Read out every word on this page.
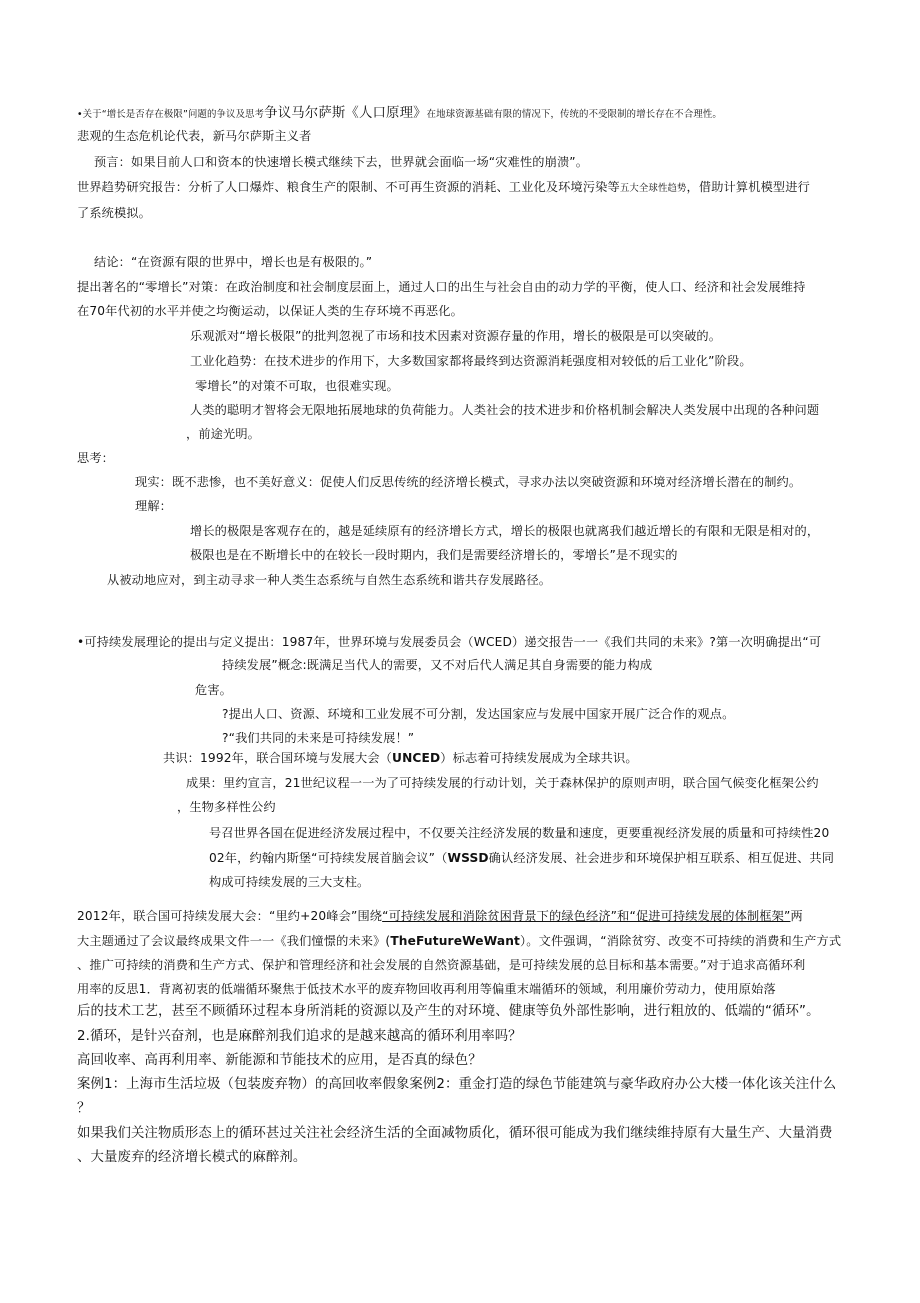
•关于“增长是否存在极限”问题的争议及思考争议马尔萨斯《人口原理》在地球资源基础有限的情况下，传统的不受限制的增长存在不合理性。
悲观的生态危机论代表，新马尔萨斯主义者
预言：如果目前人口和资本的快速增长模式继续下去，世界就会面临一场“灾难性的崩溃”。
世界趋势研究报告：分析了人口爆炸、粮食生产的限制、不可再生资源的消耗、工业化及环境污染等五大全球性趋势，借助计算机模型进行
了系统模拟。
结论：“在资源有限的世界中，增长也是有极限的。”
提出著名的“零增长”对策：在政治制度和社会制度层面上，通过人口的出生与社会自由的动力学的平衡，使人口、经济和社会发展维持
在70年代初的水平并使之均衡运动，以保证人类的生存环境不再恶化。
乐观派对“增长极限”的批判忽视了市场和技术因素对资源存量的作用，增长的极限是可以突破的。
工业化趋势：在技术进步的作用下，大多数国家都将最终到达资源消耗强度相对较低的后工业化”阶段。
零增长”的对策不可取，也很难实现。
人类的聪明才智将会无限地拓展地球的负荷能力。人类社会的技术进步和价格机制会解决人类发展中出现的各种问题
，前途光明。
思考：
现实：既不悲惨，也不美好意义：促使人们反思传统的经济增长模式，寻求办法以突破资源和环境对经济增长潜在的制约。
理解：
增长的极限是客观存在的，越是延续原有的经济增长方式，增长的极限也就离我们越近增长的有限和无限是相对的，
极限也是在不断增长中的在较长一段时期内，我们是需要经济增长的，零增长”是不现实的
从被动地应对，到主动寻求一种人类生态系统与自然生态系统和谐共存发展路径。
•可持续发展理论的提出与定义提出：1987年，世界环境与发展委员会（WCED）递交报告一一《我们共同的未来》?第一次明确提出“可
持续发展”概念:既满足当代人的需要，又不对后代人满足其自身需要的能力构成
危害。
?提出人口、资源、环境和工业发展不可分割，发达国家应与发展中国家开展广泛合作的观点。
?“我们共同的未来是可持续发展！”
共识：1992年，联合国环境与发展大会（UNCED）标志着可持续发展成为全球共识。
成果：里约宣言，21世纪议程一一为了可持续发展的行动计划，关于森林保护的原则声明，联合国气候变化框架公约
，生物多样性公约
号召世界各国在促进经济发展过程中，不仅要关注经济发展的数量和速度，更要重视经济发展的质量和可持续性20
02年，约翰内斯堡“可持续发展首脑会议”（WSSD确认经济发展、社会进步和环境保护相互联系、相互促进、共同
构成可持续发展的三大支柱。
2012年，联合国可持续发展大会：“里约+20峰会”围绕“可持续发展和消除贫困背景下的绿色经济”和“促进可持续发展的体制框架”两
大主题通过了会议最终成果文件一一《我们憧憬的未来》(TheFutureWeWant）。文件强调，“消除贫穷、改变不可持续的消费和生产方式
、推广可持续的消费和生产方式、保护和管理经济和社会发展的自然资源基础，是可持续发展的总目标和基本需要。”对于追求高循环利
用率的反思1．背离初衷的低端循环聚焦于低技术水平的废弃物回收再利用等偏重末端循环的领域，利用廉价劳动力，使用原始落
后的技术工艺，甚至不顾循环过程本身所消耗的资源以及产生的对环境、健康等负外部性影响，进行粗放的、低端的“循环”。
2.循环，是针兴奋剂，也是麻醉剂我们追求的是越来越高的循环利用率吗？
高回收率、高再利用率、新能源和节能技术的应用，是否真的绿色？
案例1：上海市生活垃圾（包装废弃物）的高回收率假象案例2：重金打造的绿色节能建筑与豪华政府办公大楼一体化该关注什么
？
如果我们关注物质形态上的循环甚过关注社会经济生活的全面减物质化，循环很可能成为我们继续维持原有大量生产、大量消费
、大量废弃的经济增长模式的麻醉剂。
